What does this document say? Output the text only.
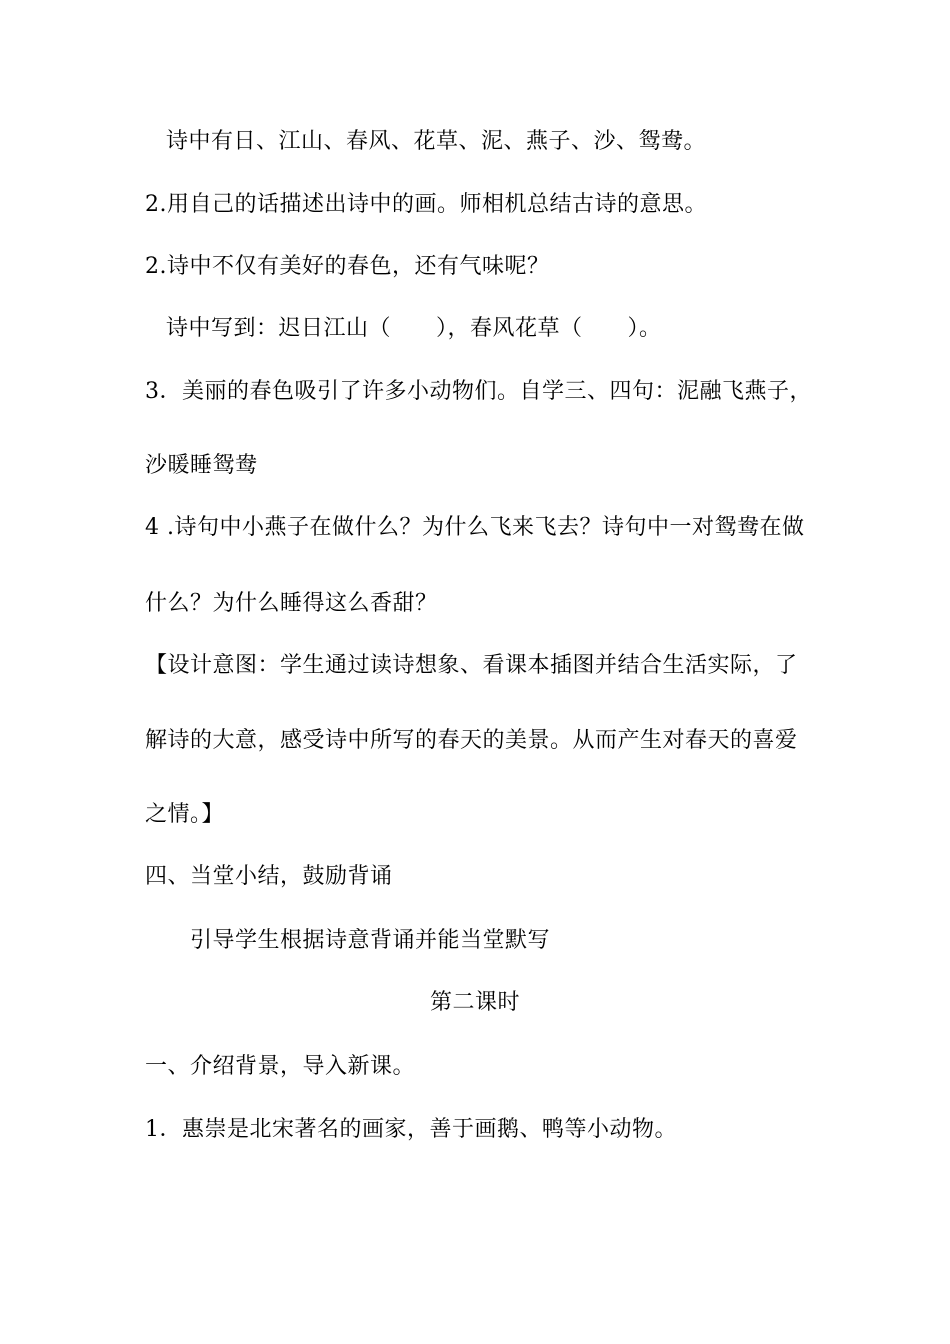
诗中有日、江山、春风、花草、泥、燕子、沙、鸳鸯。
2.用自己的话描述出诗中的画。师相机总结古诗的意思。
2.诗中不仅有美好的春色，还有气味呢？
诗中写到：迟日江山（　　），春风花草（　　）。
3．美丽的春色吸引了许多小动物们。自学三、四句：泥融飞燕子，
沙暖睡鸳鸯
4 .诗句中小燕子在做什么？为什么飞来飞去？诗句中一对鸳鸯在做
什么？为什么睡得这么香甜？
【设计意图：学生通过读诗想象、看课本插图并结合生活实际，了
解诗的大意，感受诗中所写的春天的美景。从而产生对春天的喜爱
之情。】
四、当堂小结，鼓励背诵
引导学生根据诗意背诵并能当堂默写
第二课时
一、介绍背景，导入新课。
1．惠崇是北宋著名的画家，善于画鹅、鸭等小动物。
